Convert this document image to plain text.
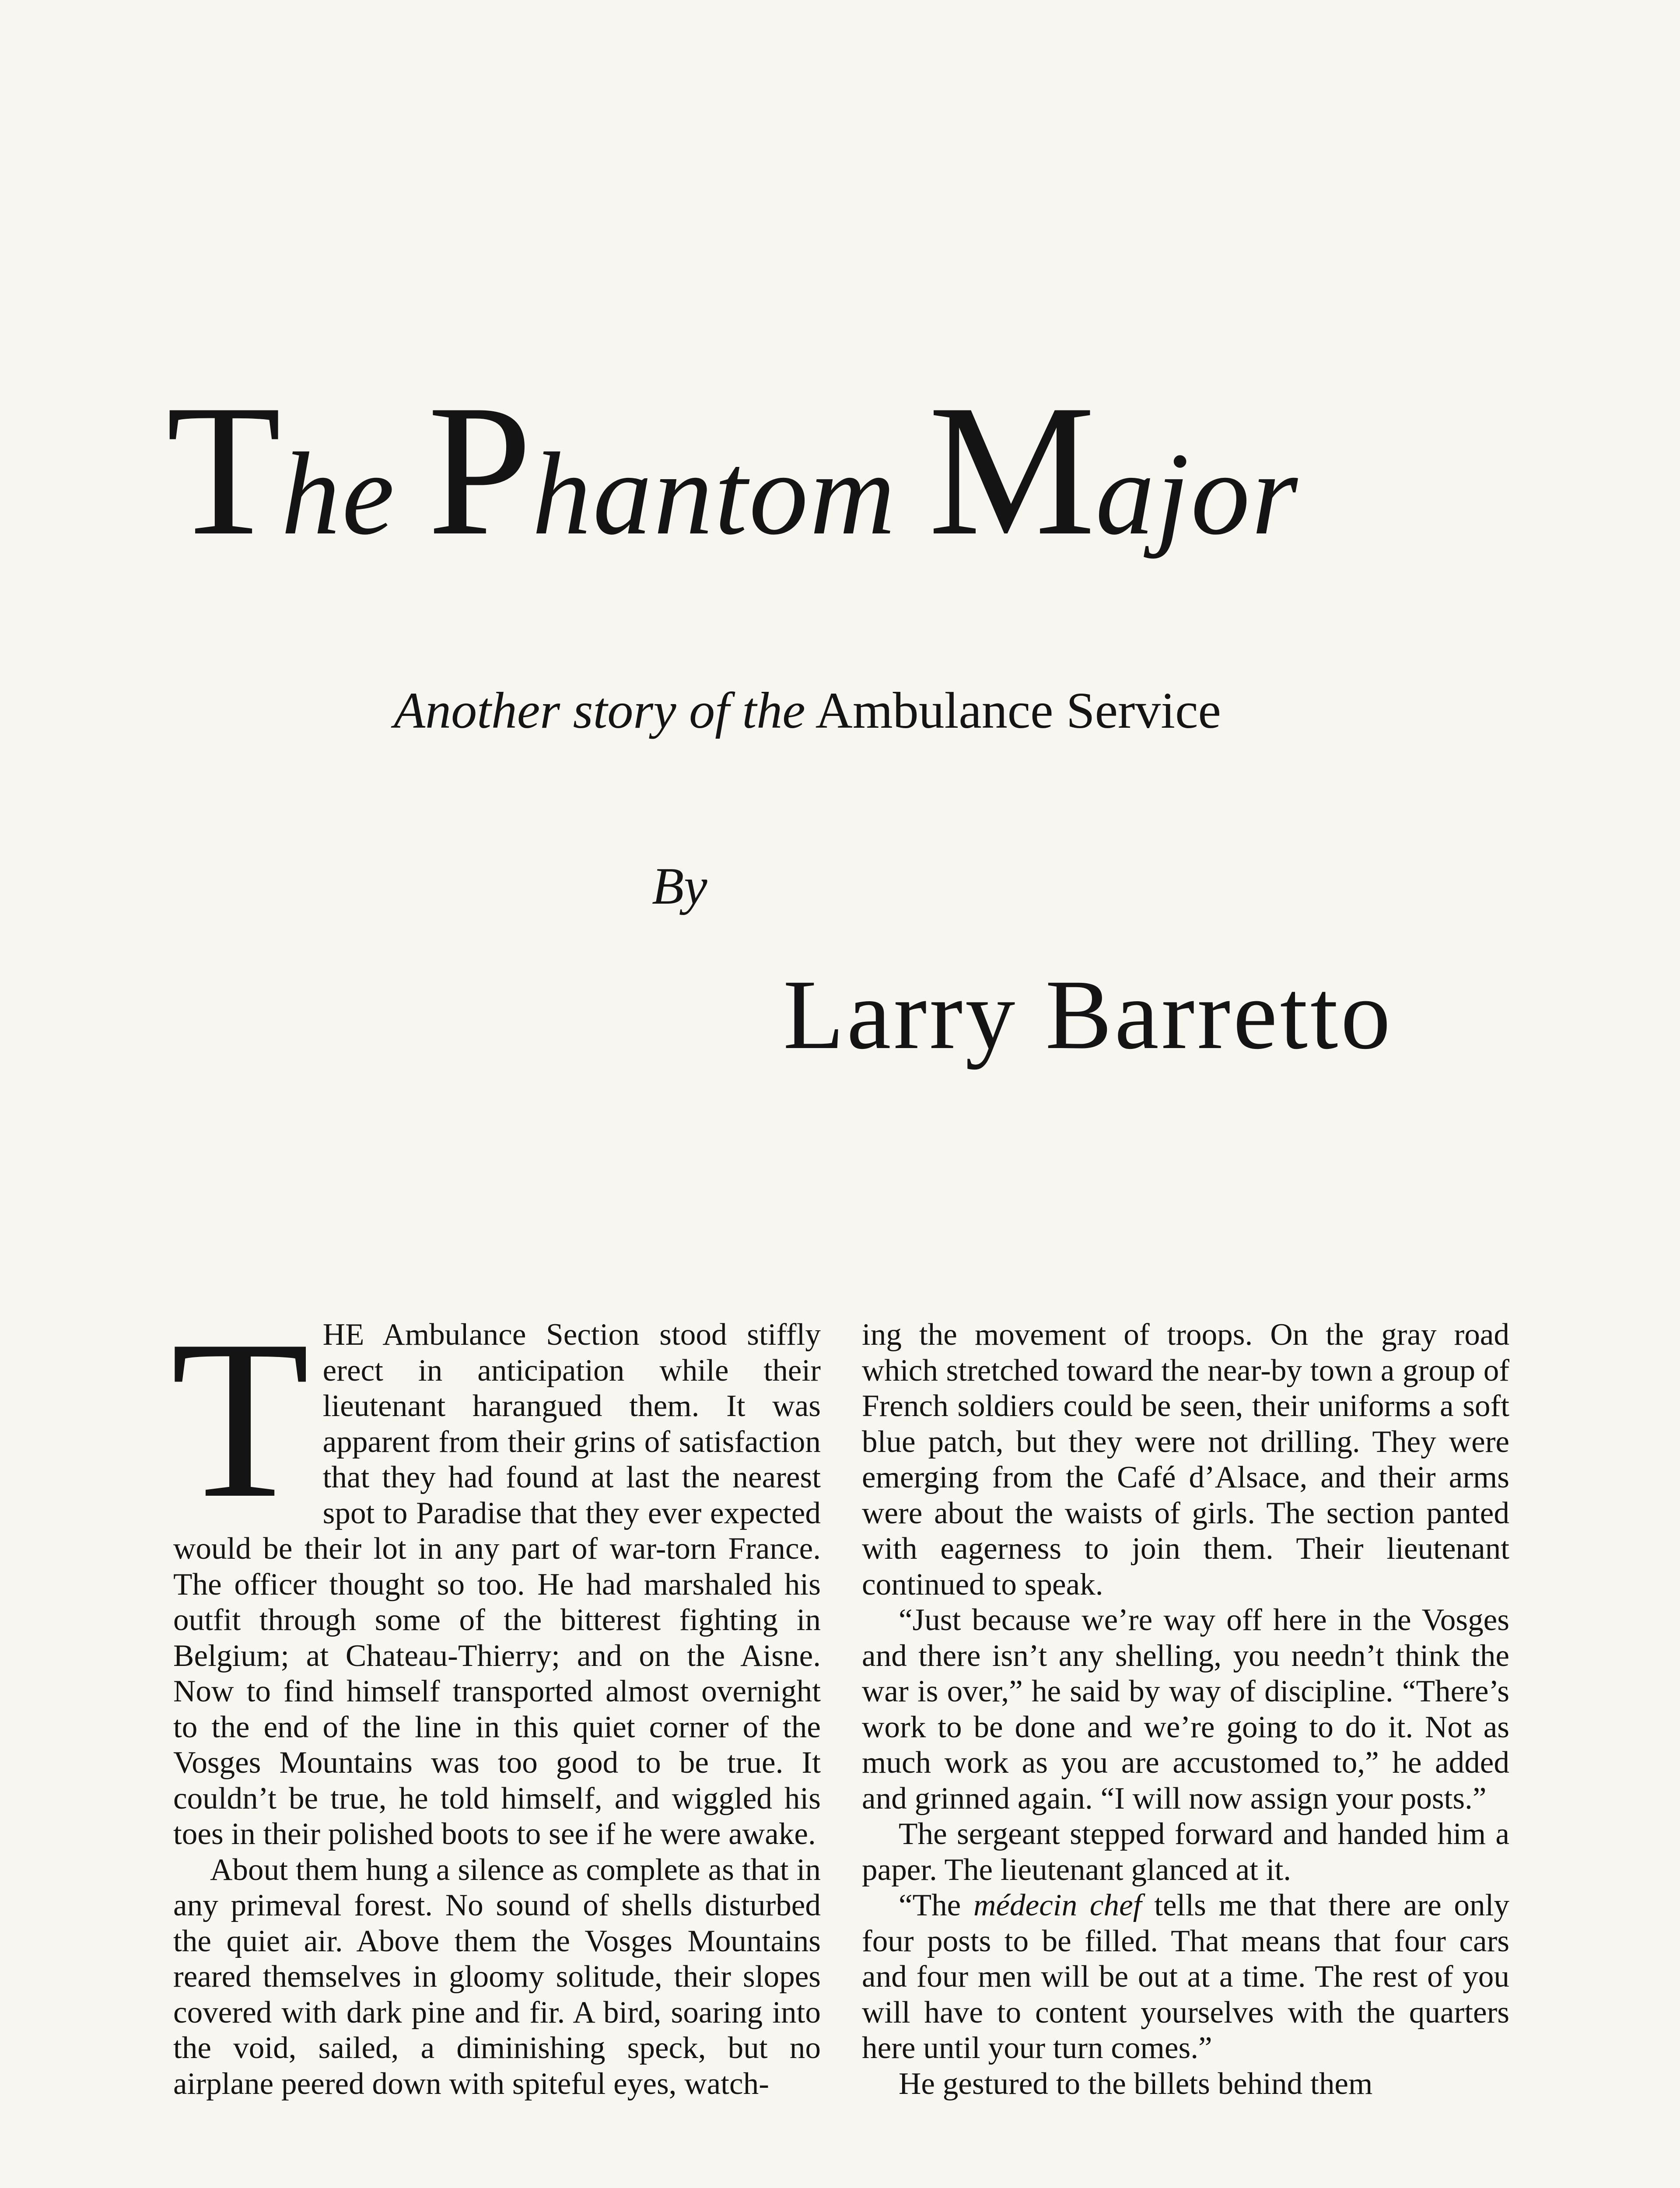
The Phantom Major

Another story of the Ambulance Service

By

Larry Barretto

THE Ambulance Section stood stiffly erect in anticipation while their lieutenant harangued them. It was apparent from their grins of satisfaction that they had found at last the nearest spot to Paradise that they ever expected would be their lot in any part of war-torn France. The officer thought so too. He had marshaled his outfit through some of the bitterest fighting in Belgium; at Chateau-Thierry; and on the Aisne. Now to find himself transported almost overnight to the end of the line in this quiet corner of the Vosges Mountains was too good to be true. It couldn’t be true, he told himself, and wiggled his toes in their polished boots to see if he were awake.

About them hung a silence as complete as that in any primeval forest. No sound of shells disturbed the quiet air. Above them the Vosges Mountains reared themselves in gloomy solitude, their slopes covered with dark pine and fir. A bird, soaring into the void, sailed, a diminishing speck, but no airplane peered down with spiteful eyes, watch-

ing the movement of troops. On the gray road which stretched toward the near-by town a group of French soldiers could be seen, their uniforms a soft blue patch, but they were not drilling. They were emerging from the Café d’Alsace, and their arms were about the waists of girls. The section panted with eagerness to join them. Their lieutenant continued to speak.

“Just because we’re way off here in the Vosges and there isn’t any shelling, you needn’t think the war is over,” he said by way of discipline. “There’s work to be done and we’re going to do it. Not as much work as you are accustomed to,” he added and grinned again. “I will now assign your posts.”

The sergeant stepped forward and handed him a paper. The lieutenant glanced at it.

“The médecin chef tells me that there are only four posts to be filled. That means that four cars and four men will be out at a time. The rest of you will have to content yourselves with the quarters here until your turn comes.”

He gestured to the billets behind them
